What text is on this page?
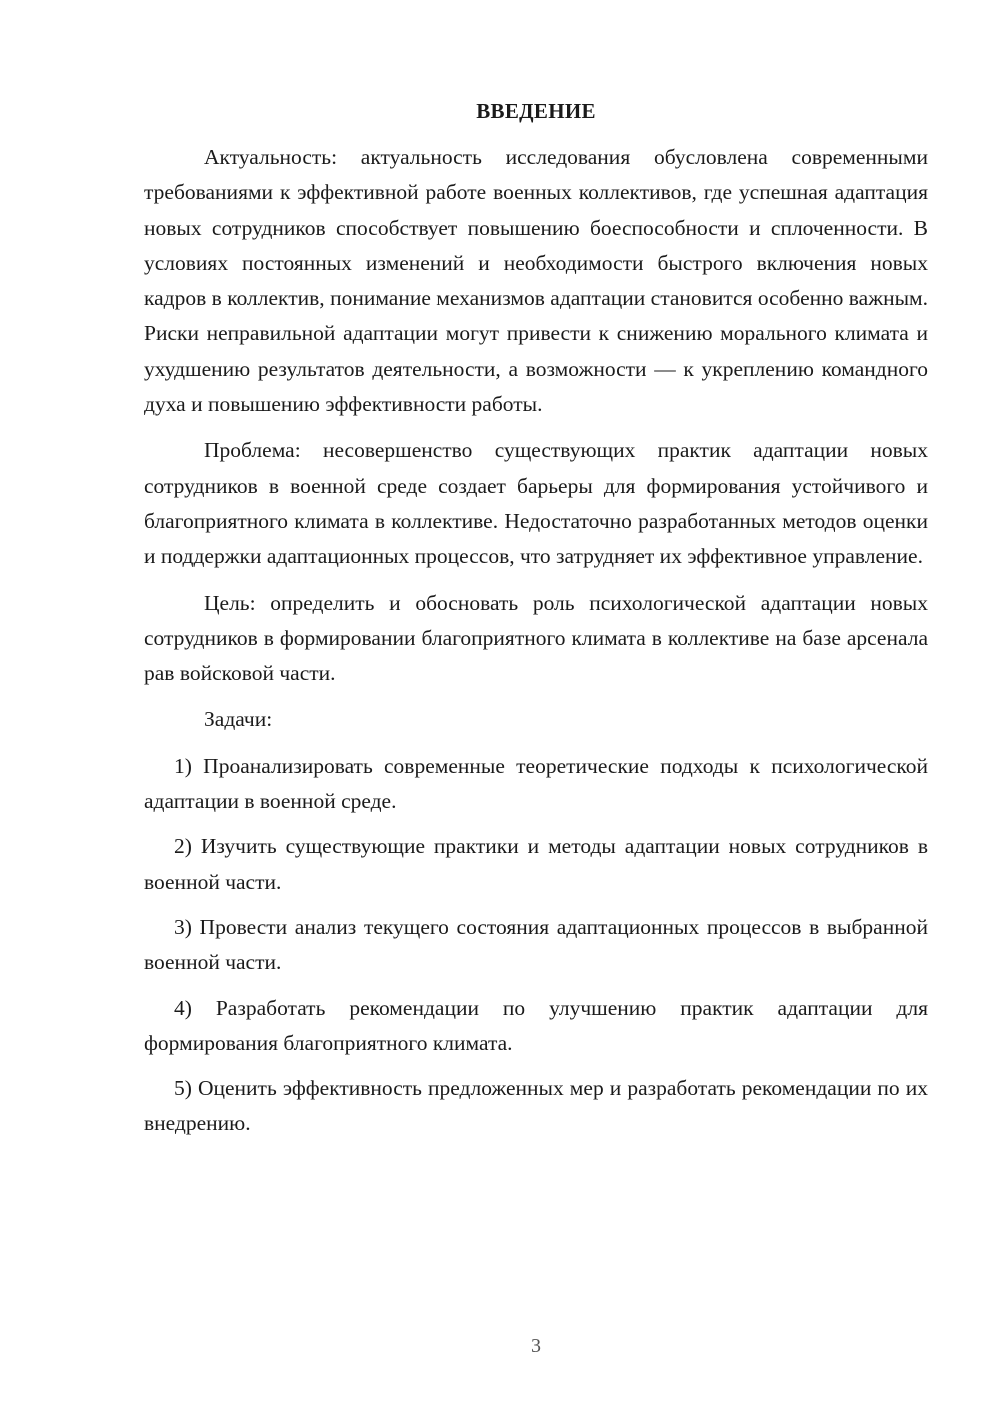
ВВЕДЕНИЕ

Актуальность: актуальность исследования обусловлена современными требованиями к эффективной работе военных коллективов, где успешная адаптация новых сотрудников способствует повышению боеспособности и сплоченности. В условиях постоянных изменений и необходимости быстрого включения новых кадров в коллектив, понимание механизмов адаптации становится особенно важным. Риски неправильной адаптации могут привести к снижению морального климата и ухудшению результатов деятельности, а возможности — к укреплению командного духа и повышению эффективности работы.

Проблема: несовершенство существующих практик адаптации новых сотрудников в военной среде создает барьеры для формирования устойчивого и благоприятного климата в коллективе. Недостаточно разработанных методов оценки и поддержки адаптационных процессов, что затрудняет их эффективное управление.

Цель: определить и обосновать роль психологической адаптации новых сотрудников в формировании благоприятного климата в коллективе на базе арсенала рав войсковой части.

Задачи:

1) Проанализировать современные теоретические подходы к психологической адаптации в военной среде.

2) Изучить существующие практики и методы адаптации новых сотрудников в военной части.

3) Провести анализ текущего состояния адаптационных процессов в выбранной военной части.

4) Разработать рекомендации по улучшению практик адаптации для формирования благоприятного климата.

5) Оценить эффективность предложенных мер и разработать рекомендации по их внедрению.

3
